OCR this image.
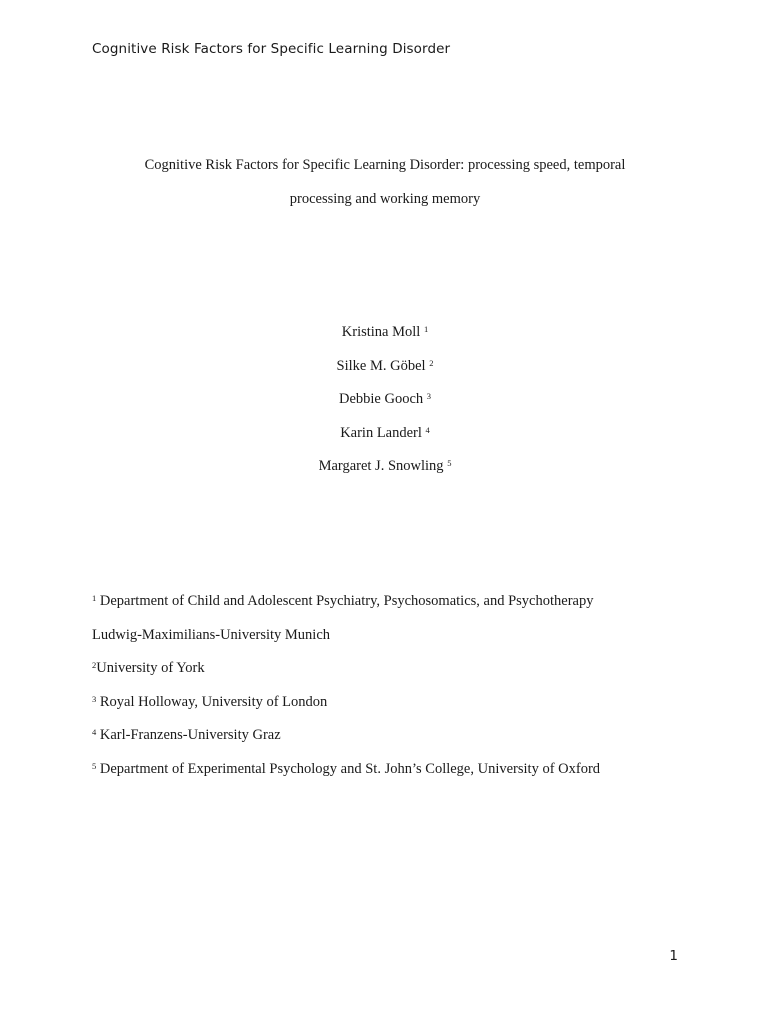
Cognitive Risk Factors for Specific Learning Disorder
Cognitive Risk Factors for Specific Learning Disorder: processing speed, temporal
processing and working memory
Kristina Moll $^1$
Silke M. Göbel $^2$
Debbie Gooch $^3$
Karin Landerl $^4$
Margaret J. Snowling $^5$
$^1$ Department of Child and Adolescent Psychiatry, Psychosomatics, and Psychotherapy
Ludwig-Maximilians-University Munich
$^2$University of York
$^3$ Royal Holloway, University of London
$^4$ Karl-Franzens-University Graz
$^5$ Department of Experimental Psychology and St. John’s College, University of Oxford
1
